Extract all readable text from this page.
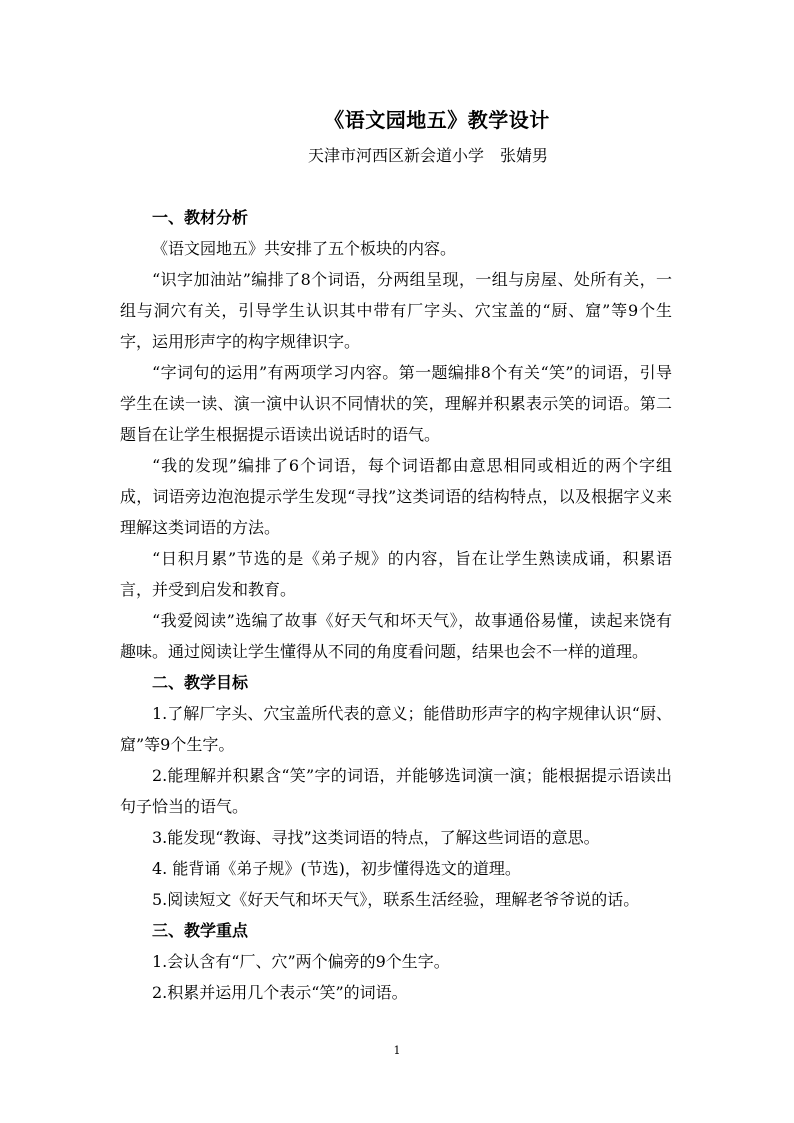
《语文园地五》教学设计
天津市河西区新会道小学　张婧男

一、教材分析

《语文园地五》共安排了五个板块的内容。

“识字加油站”编排了8个词语，分两组呈现，一组与房屋、处所有关，一组与洞穴有关，引导学生认识其中带有厂字头、穴宝盖的“厨、窟”等9个生字，运用形声字的构字规律识字。

“字词句的运用”有两项学习内容。第一题编排8个有关“笑”的词语，引导学生在读一读、演一演中认识不同情状的笑，理解并积累表示笑的词语。第二题旨在让学生根据提示语读出说话时的语气。

“我的发现”编排了6个词语，每个词语都由意思相同或相近的两个字组成，词语旁边泡泡提示学生发现“寻找”这类词语的结构特点，以及根据字义来理解这类词语的方法。

“日积月累”节选的是《弟子规》的内容，旨在让学生熟读成诵，积累语言，并受到启发和教育。

“我爱阅读”选编了故事《好天气和坏天气》，故事通俗易懂，读起来饶有趣味。通过阅读让学生懂得从不同的角度看问题，结果也会不一样的道理。

二、教学目标

1.了解厂字头、穴宝盖所代表的意义；能借助形声字的构字规律认识“厨、窟”等9个生字。

2.能理解并积累含“笑”字的词语，并能够选词演一演；能根据提示语读出句子恰当的语气。

3.能发现“教诲、寻找”这类词语的特点，了解这些词语的意思。

4. 能背诵《弟子规》(节选)，初步懂得选文的道理。

5.阅读短文《好天气和坏天气》，联系生活经验，理解老爷爷说的话。

三、教学重点

1.会认含有“厂、穴”两个偏旁的9个生字。

2.积累并运用几个表示“笑”的词语。

1
